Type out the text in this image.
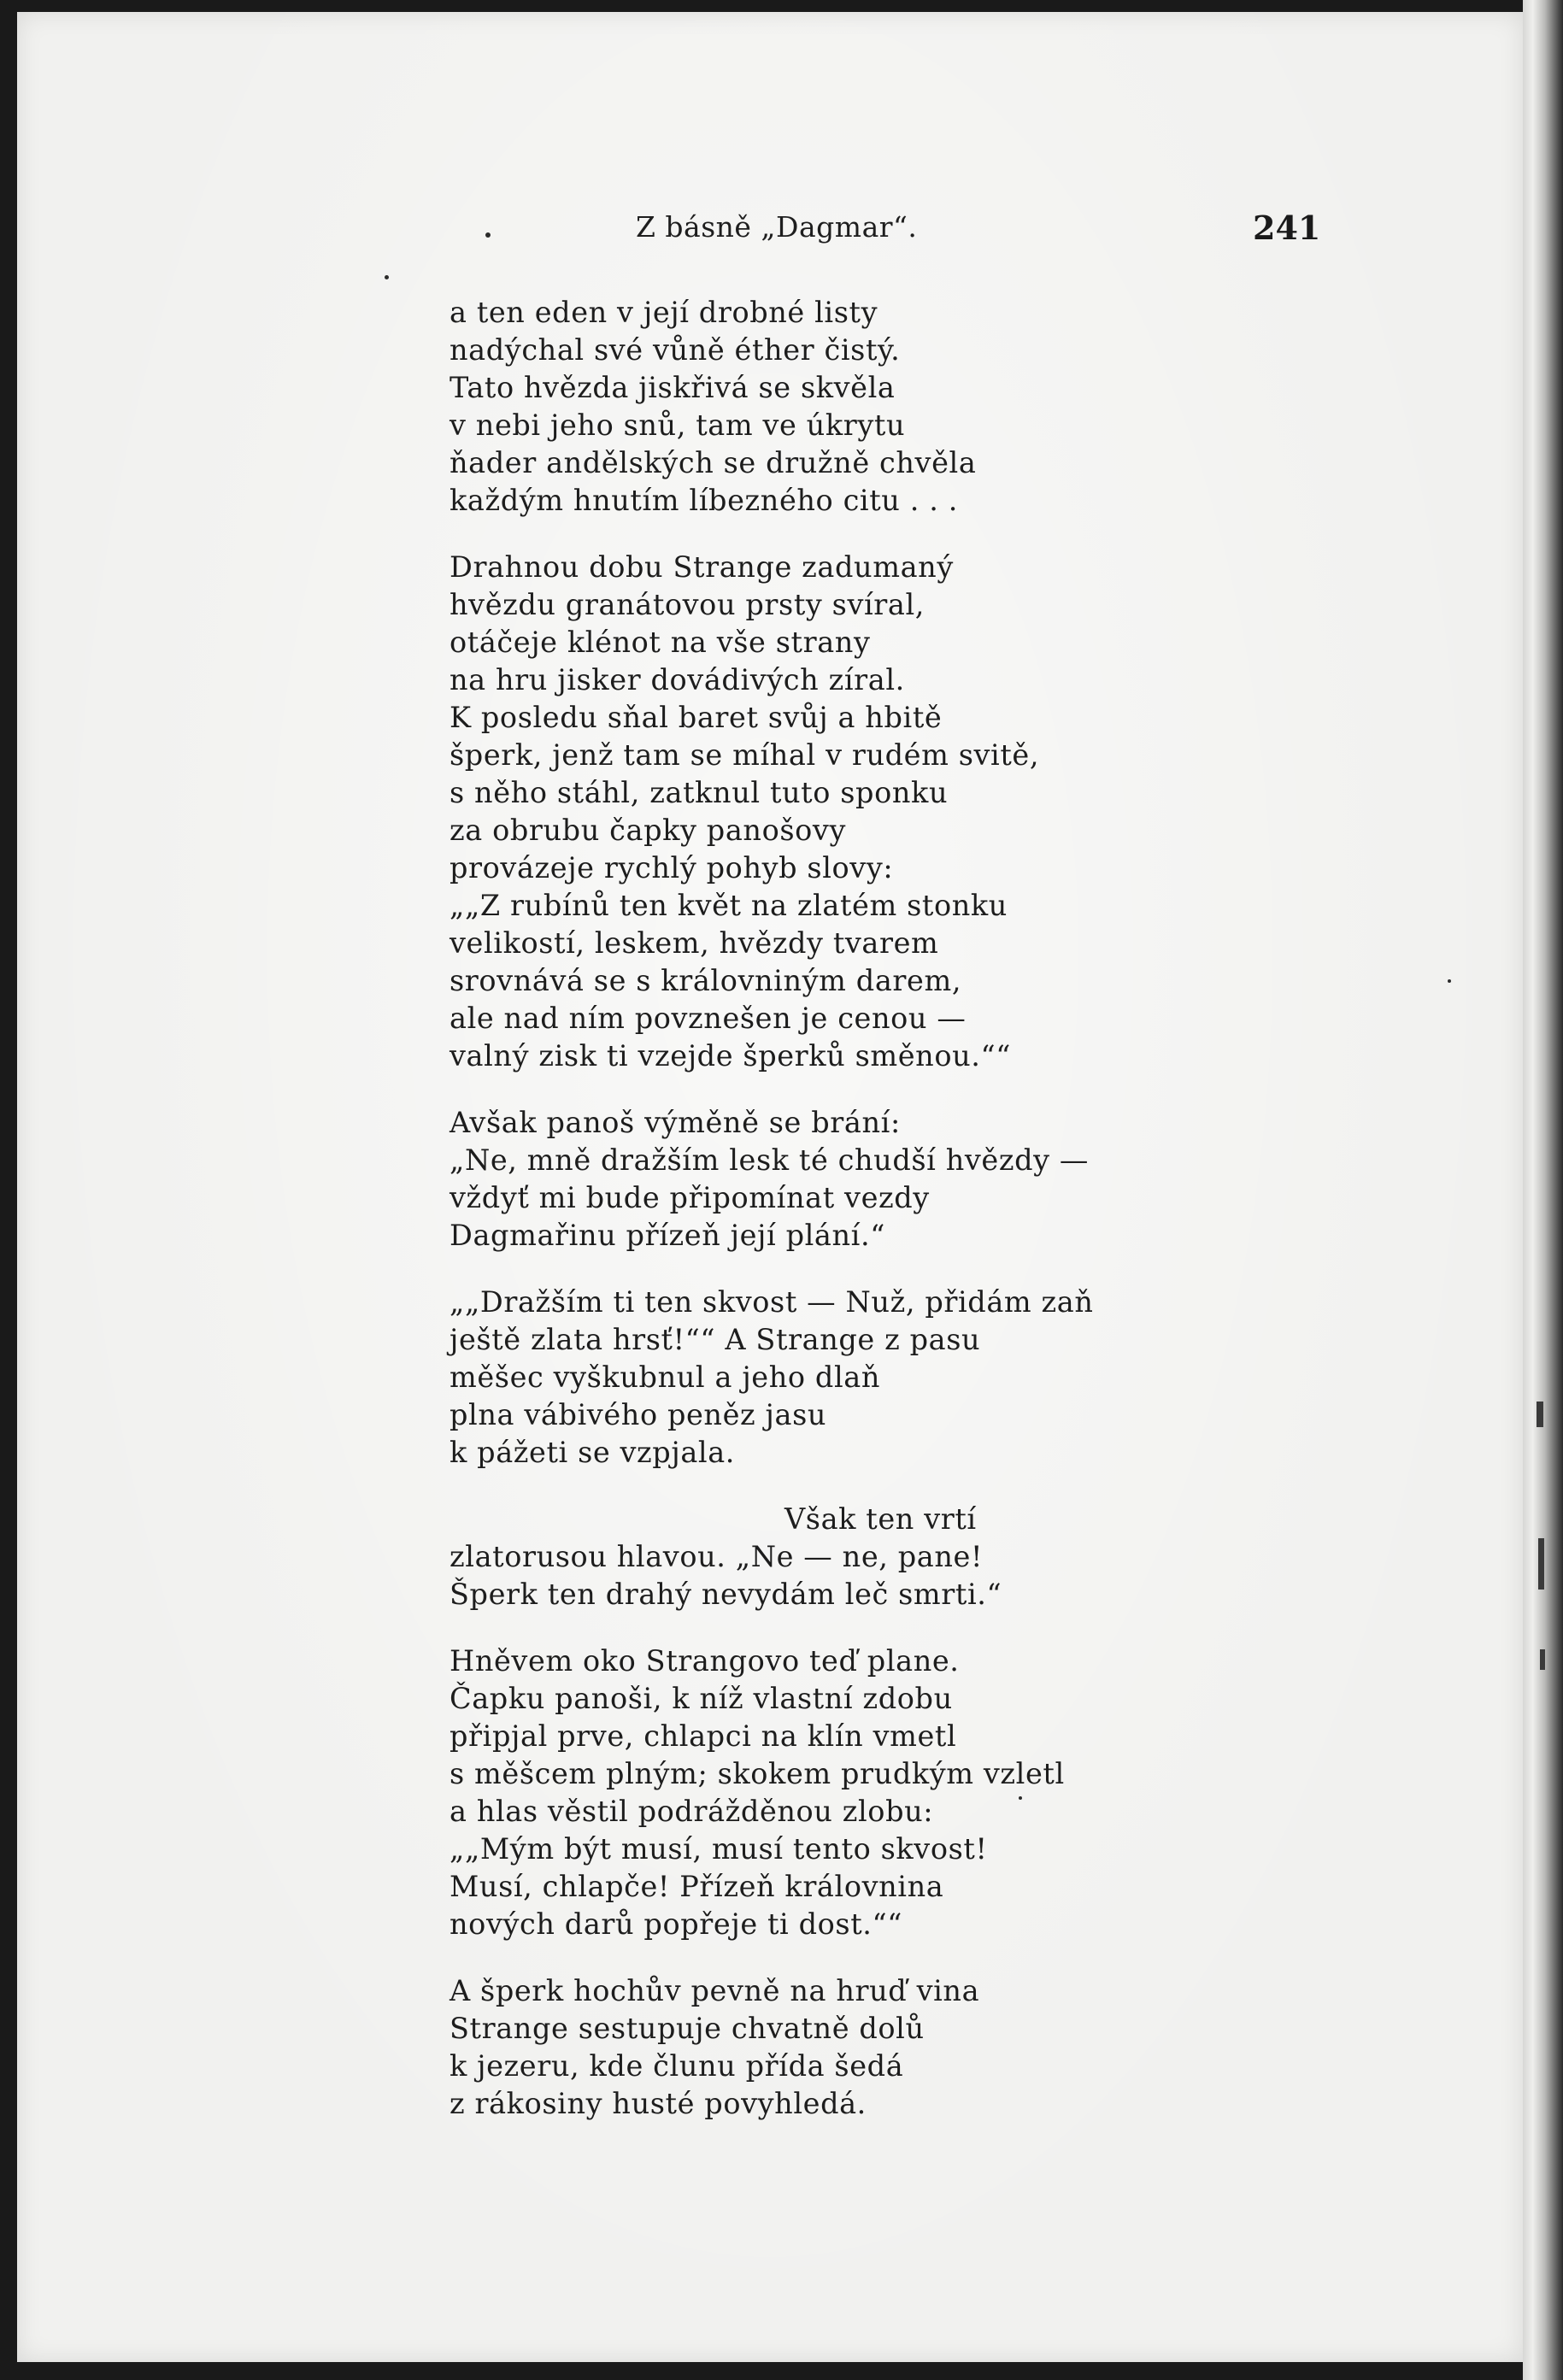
Z básně „Dagmar“.	241
a ten eden v její drobné listy
nadýchal své vůně éther čistý.
Tato hvězda jiskřivá se skvěla
v nebi jeho snů, tam ve úkrytu
ňader andělských se družně chvěla
každým hnutím líbezného citu . . .
Drahnou dobu Strange zadumaný
hvězdu granátovou prsty svíral,
otáčeje klénot na vše strany
na hru jisker dovádivých zíral.
K posledu sňal baret svůj a hbitě
šperk, jenž tam se míhal v rudém svitě,
s něho stáhl, zatknul tuto sponku
za obrubu čapky panošovy
provázeje rychlý pohyb slovy:
„„Z rubínů ten květ na zlatém stonku
velikostí, leskem, hvězdy tvarem
srovnává se s královniným darem,
ale nad ním povznešen je cenou —
valný zisk ti vzejde šperků směnou.““
Avšak panoš výměně se brání:
„Ne, mně dražším lesk té chudší hvězdy —
vždyť mi bude připomínat vezdy
Dagmařinu přízeň její plání.“
„„Dražším ti ten skvost — Nuž, přidám zaň
ještě zlata hrsť!““ A Strange z pasu
měšec vyškubnul a jeho dlaň
plna vábivého peněz jasu
k pážeti se vzpjala.
Však ten vrtí
zlatorusou hlavou. „Ne — ne, pane!
Šperk ten drahý nevydám leč smrti.“
Hněvem oko Strangovo teď plane.
Čapku panoši, k níž vlastní zdobu
připjal prve, chlapci na klín vmetl
s měšcem plným; skokem prudkým vzletl
a hlas věstil podrážděnou zlobu:
„„Mým být musí, musí tento skvost!
Musí, chlapče! Přízeň královnina
nových darů popřeje ti dost.““
A šperk hochův pevně na hruď vina
Strange sestupuje chvatně dolů
k jezeru, kde člunu přída šedá
z rákosiny husté povyhledá.
